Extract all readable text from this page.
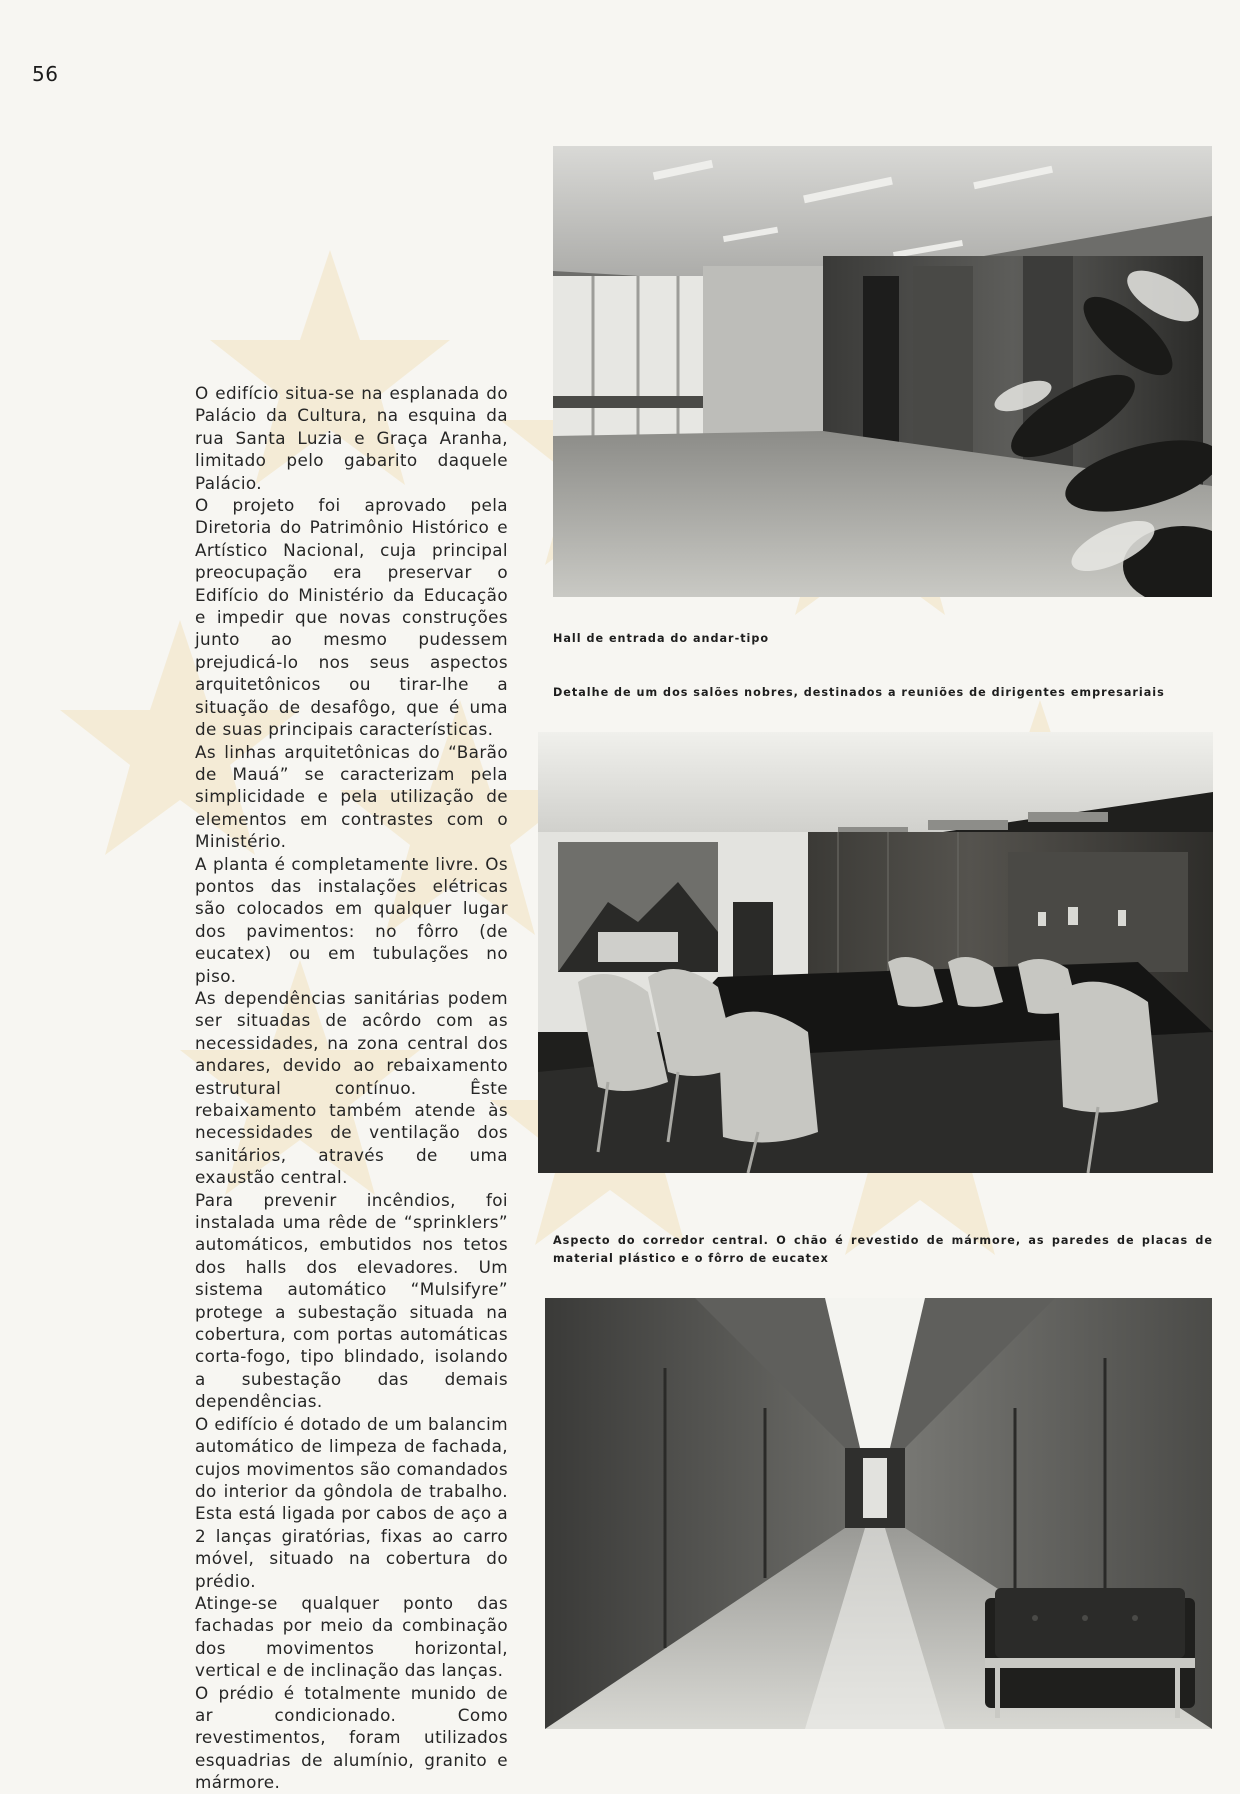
56

O edifício situa-se na esplanada do Palácio da Cultura, na esquina da rua Santa Luzia e Graça Aranha, limitado pelo gabarito daquele Palácio.

O projeto foi aprovado pela Diretoria do Patrimônio Histórico e Artístico Nacional, cuja principal preocupação era preservar o Edifício do Ministério da Educação e impedir que novas construções junto ao mesmo pudessem prejudicá-lo nos seus aspectos arquitetônicos ou tirar-lhe a situação de desafôgo, que é uma de suas principais características.

As linhas arquitetônicas do “Barão de Mauá” se caracterizam pela simplicidade e pela utilização de elementos em contrastes com o Ministério.

A planta é completamente livre. Os pontos das instalações elétricas são colocados em qualquer lugar dos pavimentos: no fôrro (de eucatex) ou em tubulações no piso.

As dependências sanitárias podem ser situadas de acôrdo com as necessidades, na zona central dos andares, devido ao rebaixamento estrutural contínuo. Êste rebaixamento também atende às necessidades de ventilação dos sanitários, através de uma exaustão central.

Para prevenir incêndios, foi instalada uma rêde de “sprinklers” automáticos, embutidos nos tetos dos halls dos elevadores. Um sistema automático “Mulsifyre” protege a subestação situada na cobertura, com portas automáticas corta-fogo, tipo blindado, isolando a subestação das demais dependências.

O edifício é dotado de um balancim automático de limpeza de fachada, cujos movimentos são comandados do interior da gôndola de trabalho. Esta está ligada por cabos de aço a 2 lanças giratórias, fixas ao carro móvel, situado na cobertura do prédio.

Atinge-se qualquer ponto das fachadas por meio da combinação dos movimentos horizontal, vertical e de inclinação das lanças.

O prédio é totalmente munido de ar condicionado. Como revestimentos, foram utilizados esquadrias de alumínio, granito e mármore.

Hall de entrada do andar-tipo
Detalhe de um dos salões nobres, destinados a reuniões de dirigentes empresariais
Aspecto do corredor central. O chão é revestido de mármore, as paredes de placas de material plástico e o fôrro de eucatex
